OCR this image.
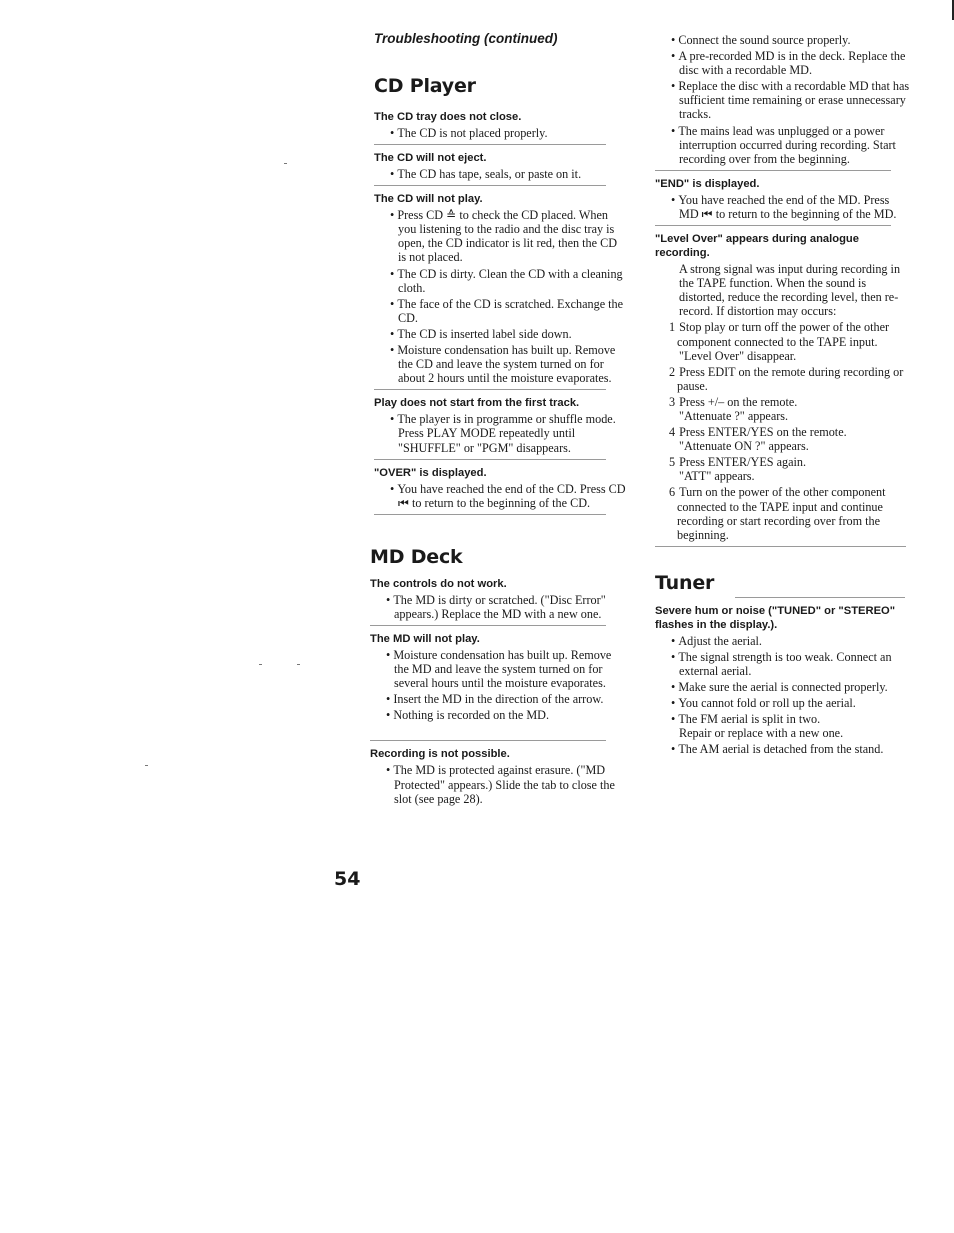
Troubleshooting (continued)

CD Player

The CD tray does not close.

• The CD is not placed properly.

The CD will not eject.

• The CD has tape, seals, or paste on it.

The CD will not play.

• Press CD ≙ to check the CD placed. When you listening to the radio and the disc tray is open, the CD indicator is lit red, then the CD is not placed.
• The CD is dirty. Clean the CD with a cleaning cloth.
• The face of the CD is scratched. Exchange the CD.
• The CD is inserted label side down.
• Moisture condensation has built up. Remove the CD and leave the system turned on for about 2 hours until the moisture evaporates.

Play does not start from the first track.

• The player is in programme or shuffle mode. Press PLAY MODE repeatedly until "SHUFFLE" or "PGM" disappears.

"OVER" is displayed.

• You have reached the end of the CD. Press CD ⏮ to return to the beginning of the CD.
MD Deck

The controls do not work.

• The MD is dirty or scratched. ("Disc Error" appears.) Replace the MD with a new one.

The MD will not play.

• Moisture condensation has built up. Remove the MD and leave the system turned on for several hours until the moisture evaporates.
• Insert the MD in the direction of the arrow.
• Nothing is recorded on the MD.

Recording is not possible.

• The MD is protected against erasure. ("MD Protected" appears.) Slide the tab to close the slot (see page 28).
54
• Connect the sound source properly.
• A pre-recorded MD is in the deck. Replace the disc with a recordable MD.
• Replace the disc with a recordable MD that has sufficient time remaining or erase unnecessary tracks.
• The mains lead was unplugged or a power interruption occurred during recording. Start recording over from the beginning.

"END" is displayed.

• You have reached the end of the MD. Press MD ⏮ to return to the beginning of the MD.

"Level Over" appears during analogue recording.

A strong signal was input during recording in the TAPE function. When the sound is distorted, reduce the recording level, then re-record. If distortion may occurs:

1 Stop play or turn off the power of the other component connected to the TAPE input.
"Level Over" disappear.
2 Press EDIT on the remote during recording or pause.
3 Press +/– on the remote.
"Attenuate ?" appears.
4 Press ENTER/YES on the remote.
"Attenuate ON ?" appears.
5 Press ENTER/YES again.
"ATT" appears.
6 Turn on the power of the other component connected to the TAPE input and continue recording or start recording over from the beginning.
Tuner

Severe hum or noise ("TUNED" or "STEREO" flashes in the display.).

• Adjust the aerial.
• The signal strength is too weak. Connect an external aerial.
• Make sure the aerial is connected properly.
• You cannot fold or roll up the aerial.
• The FM aerial is split in two.

Repair or replace with a new one.

• The AM aerial is detached from the stand.
